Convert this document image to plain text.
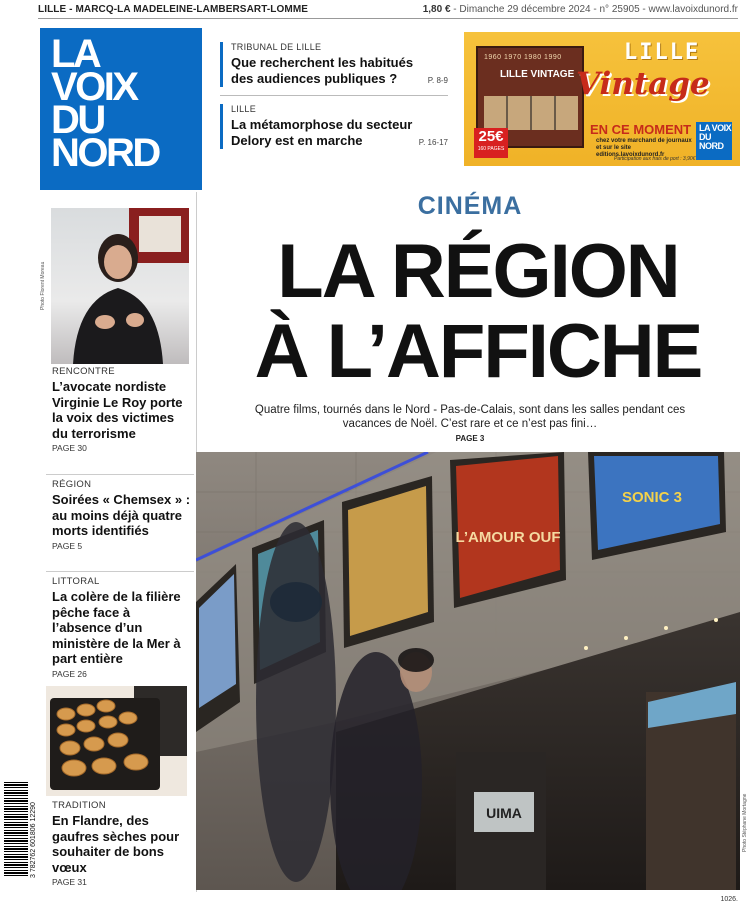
LILLE - MARCQ-LA MADELEINE-LAMBERSART-LOMME	1,80 € - Dimanche 29 décembre 2024 - n° 25905 - www.lavoixdunord.fr
LA
VOIX
DU
NORD
TRIBUNAL DE LILLE
Que recherchent les habitués des audiences publiques ?	P. 8-9
LILLE
La métamorphose du secteur Delory est en marche	P. 16-17
1960 1970 1980 1990
LILLE VINTAGE
25€
160 PAGES
LILLE
Vintage
EN CE MOMENT
chez votre marchand de journaux et sur le site editions.lavoixdunord.fr
Participation aux frais de port : 3,90€
LA VOIX DU NORD
Photo Florent Moreau
RENCONTRE
L’avocate nordiste Virginie Le Roy porte la voix des victimes du terrorisme
PAGE 30
RÉGION
Soirées « Chemsex » : au moins déjà quatre morts identifiés
PAGE 5
LITTORAL
La colère de la filière pêche face à l’absence d’un ministère de la Mer à part entière
PAGE 26
TRADITION
En Flandre, des gaufres sèches pour souhaiter de bons vœux
PAGE 31
3 782762 601806 12290
CINÉMA
LA RÉGION
À L’AFFICHE
Quatre films, tournés dans le Nord - Pas-de-Calais, sont dans les salles pendant ces vacances de Noël. C’est rare et ce n’est pas fini…
PAGE 3
L’AMOUR OUF
SONIC 3
UIMA	Photo Stéphane Mortagne
1026.
